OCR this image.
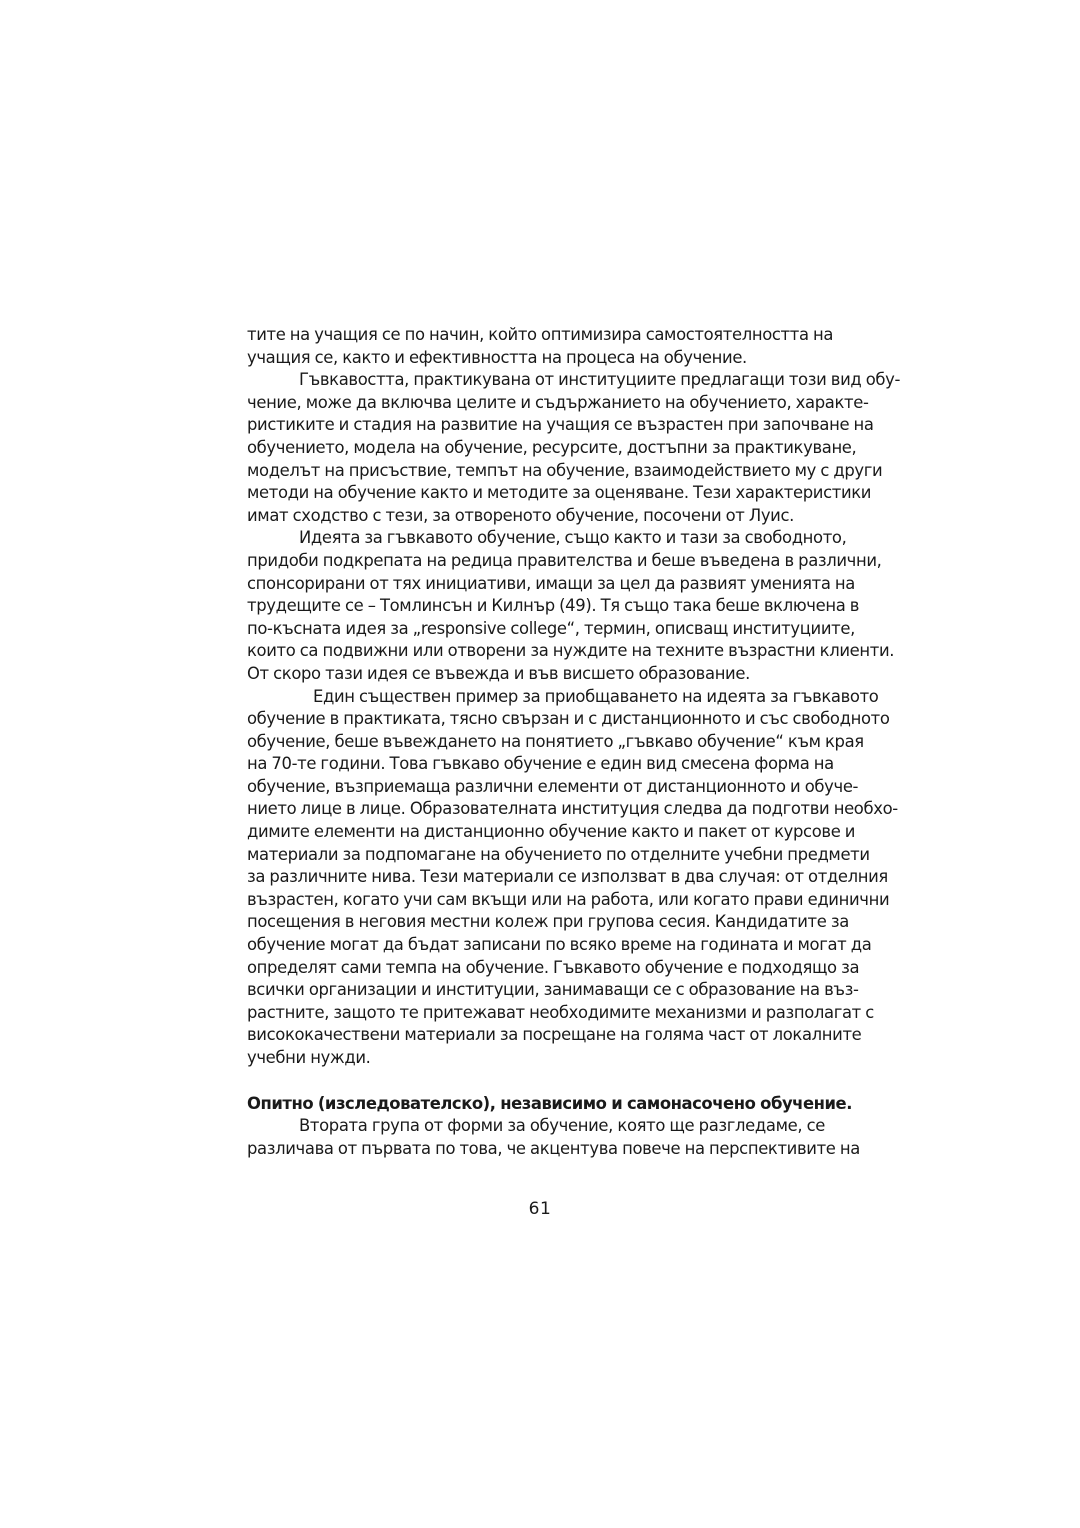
тите на учащия се по начин, който оптимизира самостоятелността на
учащия се, както и ефективността на процеса на обучение.
Гъвкавостта, практикувана от институциите предлагащи този вид обу-
чение, може да включва целите и съдържанието на обучението, характе-
ристиките и стадия на развитие на учащия се възрастен при започване на
обучението, модела на обучение, ресурсите, достъпни за практикуване,
моделът на присъствие, темпът на обучение, взаимодействието му с други
методи на обучение както и методите за оценяване. Тези характеристики
имат сходство с тези, за отвореното обучение, посочени от Луис.
Идеята за гъвкавото обучение, също както и тази за свободното,
придоби подкрепата на редица правителства и беше въведена в различни,
спонсорирани от тях инициативи, имащи за цел да развият уменията на
трудещите се – Томлинсън и Килнър (49). Тя също така беше включена в
по-късната идея за „responsive college“, термин, описващ институциите,
които са подвижни или отворени за нуждите на техните възрастни клиенти.
От скоро тази идея се въвежда и във висшето образование.
Един съществен пример за приобщаването на идеята за гъвкавото
обучение в практиката, тясно свързан и с дистанционното и със свободното
обучение, беше въвеждането на понятието „гъвкаво обучение“ към края
на 70-те години. Това гъвкаво обучение е един вид смесена форма на
обучение, възприемаща различни елементи от дистанционното и обуче-
нието лице в лице. Образователната институция следва да подготви необхо-
димите елементи на дистанционно обучение както и пакет от курсове и
материали за подпомагане на обучението по отделните учебни предмети
за различните нива. Тези материали се използват в два случая: от отделния
възрастен, когато учи сам вкъщи или на работа, или когато прави единични
посещения в неговия местни колеж при групова сесия. Кандидатите за
обучение могат да бъдат записани по всяко време на годината и могат да
определят сами темпа на обучение. Гъвкавото обучение е подходящо за
всички организации и институции, занимаващи се с образование на въз-
растните, защото те притежават необходимите механизми и разполагат с
висококачествени материали за посрещане на голяма част от локалните
учебни нужди.
Опитно (изследователско), независимо и самонасочено обучение.
Втората група от форми за обучение, която ще разгледаме, се
различава от първата по това, че акцентува повече на перспективите на
61
